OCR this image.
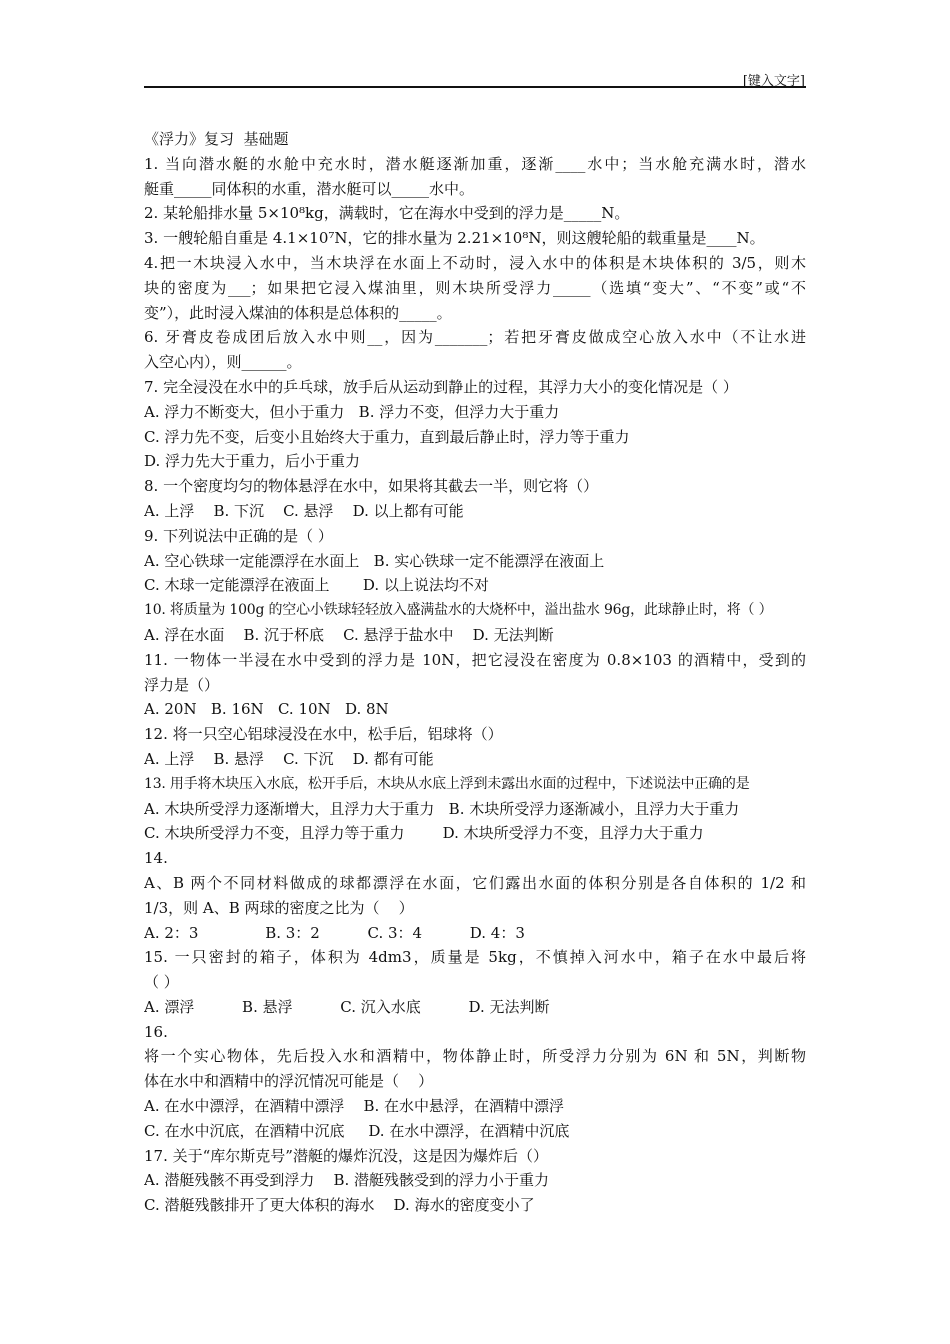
[键入文字]
《浮力》复习  基础题
1. 当向潜水艇的水舱中充水时，潜水艇逐渐加重，逐渐____水中；当水舱充满水时，潜水
艇重_____同体积的水重，潜水艇可以_____水中。
2. 某轮船排水量 5×10⁸kg，满载时，它在海水中受到的浮力是_____N。
3. 一艘轮船自重是 4.1×10⁷N，它的排水量为 2.21×10⁸N，则这艘轮船的载重量是____N。
4.把一木块浸入水中，当木块浮在水面上不动时，浸入水中的体积是木块体积的 3/5，则木
块的密度为___；如果把它浸入煤油里，则木块所受浮力_____（选填“变大”、“不变”或“不
变”），此时浸入煤油的体积是总体积的_____。
6. 牙膏皮卷成团后放入水中则__，因为_______；若把牙膏皮做成空心放入水中（不让水进
入空心内），则______。
7. 完全浸没在水中的乒乓球，放手后从运动到静止的过程，其浮力大小的变化情况是（ ）
A. 浮力不断变大，但小于重力   B. 浮力不变，但浮力大于重力
C. 浮力先不变，后变小且始终大于重力，直到最后静止时，浮力等于重力
D. 浮力先大于重力，后小于重力
8. 一个密度均匀的物体悬浮在水中，如果将其截去一半，则它将（）
A. 上浮    B. 下沉    C. 悬浮    D. 以上都有可能
9. 下列说法中正确的是（ ）
A. 空心铁球一定能漂浮在水面上   B. 实心铁球一定不能漂浮在液面上
C. 木球一定能漂浮在液面上       D. 以上说法均不对
10. 将质量为 100g 的空心小铁球轻轻放入盛满盐水的大烧杯中，溢出盐水 96g，此球静止时，将（ ）
A. 浮在水面    B. 沉于杯底    C. 悬浮于盐水中    D. 无法判断
11. 一物体一半浸在水中受到的浮力是 10N，把它浸没在密度为 0.8×103 的酒精中，受到的
浮力是（）
A. 20N   B. 16N   C. 10N   D. 8N
12. 将一只空心铝球浸没在水中，松手后，铝球将（）
A. 上浮    B. 悬浮    C. 下沉    D. 都有可能
13. 用手将木块压入水底，松开手后，木块从水底上浮到未露出水面的过程中，下述说法中正确的是
A. 木块所受浮力逐渐增大，且浮力大于重力   B. 木块所受浮力逐渐减小，且浮力大于重力
C. 木块所受浮力不变，且浮力等于重力        D. 木块所受浮力不变，且浮力大于重力
14.
A、B 两个不同材料做成的球都漂浮在水面，它们露出水面的体积分别是各自体积的 1/2 和
1/3，则 A、B 两球的密度之比为（    ）
A. 2：3              B. 3：2          C. 3：4          D. 4：3
15. 一只密封的箱子，体积为 4dm3，质量是 5kg，不慎掉入河水中，箱子在水中最后将
（ ）
A. 漂浮          B. 悬浮          C. 沉入水底          D. 无法判断
16.
将一个实心物体，先后投入水和酒精中，物体静止时，所受浮力分别为 6N 和 5N，判断物
体在水中和酒精中的浮沉情况可能是（    ）
A. 在水中漂浮，在酒精中漂浮    B. 在水中悬浮，在酒精中漂浮
C. 在水中沉底，在酒精中沉底     D. 在水中漂浮，在酒精中沉底
17. 关于“库尔斯克号”潜艇的爆炸沉没，这是因为爆炸后（）
A. 潜艇残骸不再受到浮力    B. 潜艇残骸受到的浮力小于重力
C. 潜艇残骸排开了更大体积的海水    D. 海水的密度变小了
